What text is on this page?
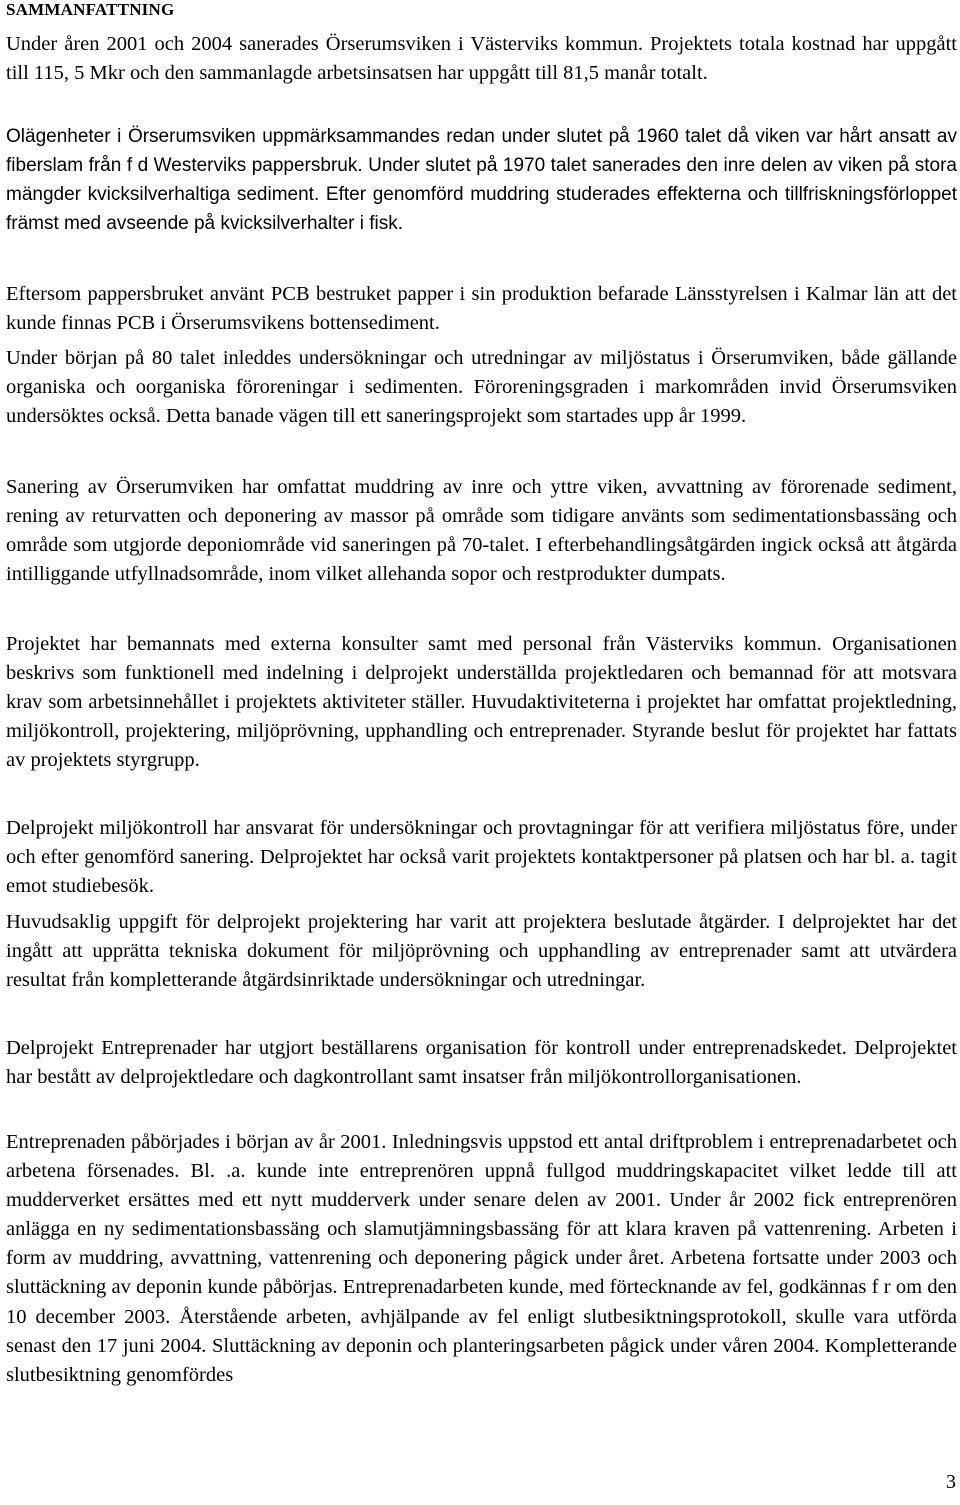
SAMMANFATTNING

Under åren 2001 och 2004 sanerades Örserumsviken i Västerviks kommun. Projektets totala kostnad har uppgått till 115, 5 Mkr och den sammanlagde arbetsinsatsen har uppgått till 81,5 manår totalt.

Olägenheter i Örserumsviken uppmärksammandes redan under slutet på 1960 talet då viken var hårt ansatt av fiberslam från f d Westerviks pappersbruk. Under slutet på 1970 talet sanerades den inre delen av viken på stora mängder kvicksilverhaltiga sediment. Efter genomförd muddring studerades effekterna och tillfriskningsförloppet främst med avseende på kvicksilverhalter i fisk.

Eftersom pappersbruket använt PCB bestruket papper i sin produktion befarade Länsstyrelsen i Kalmar län att det kunde finnas PCB i Örserumsvikens bottensediment.

Under början på 80 talet inleddes undersökningar och utredningar av miljöstatus i Örserumviken, både gällande organiska och oorganiska föroreningar i sedimenten. Föroreningsgraden i markområden invid Örserumsviken undersöktes också. Detta banade vägen till ett saneringsprojekt som startades upp år 1999.

Sanering av Örserumviken har omfattat muddring av inre och yttre viken, avvattning av förorenade sediment, rening av returvatten och deponering av massor på område som tidigare använts som sedimentationsbassäng och område som utgjorde deponiområde vid saneringen på 70-talet. I efterbehandlingsåtgärden ingick också att åtgärda intilliggande utfyllnadsområde, inom vilket allehanda sopor och restprodukter dumpats.

Projektet har bemannats med externa konsulter samt med personal från Västerviks kommun. Organisationen beskrivs som funktionell med indelning i delprojekt underställda projektledaren och bemannad för att motsvara krav som arbetsinnehållet i projektets aktiviteter ställer. Huvudaktiviteterna i projektet har omfattat projektledning, miljökontroll, projektering, miljöprövning, upphandling och entreprenader. Styrande beslut för projektet har fattats av projektets styrgrupp.

Delprojekt miljökontroll har ansvarat för undersökningar och provtagningar för att verifiera miljöstatus före, under och efter genomförd sanering. Delprojektet har också varit projektets kontaktpersoner på platsen och har bl. a. tagit emot studiebesök.

Huvudsaklig uppgift för delprojekt projektering har varit att projektera beslutade åtgärder. I delprojektet har det ingått att upprätta tekniska dokument för miljöprövning och upphandling av entreprenader samt att utvärdera resultat från kompletterande åtgärdsinriktade undersökningar och utredningar.

Delprojekt Entreprenader har utgjort beställarens organisation för kontroll under entreprenadskedet. Delprojektet har bestått av delprojektledare och dagkontrollant samt insatser från miljökontrollorganisationen.

Entreprenaden påbörjades i början av år 2001. Inledningsvis uppstod ett antal driftproblem i entreprenadarbetet och arbetena försenades. Bl. .a. kunde inte entreprenören uppnå fullgod muddringskapacitet vilket ledde till att mudderverket ersättes med ett nytt mudderverk under senare delen av 2001. Under år 2002 fick entreprenören anlägga en ny sedimentationsbassäng och slamutjämningsbassäng för att klara kraven på vattenrening. Arbeten i form av muddring, avvattning, vattenrening och deponering pågick under året. Arbetena fortsatte under 2003 och sluttäckning av deponin kunde påbörjas. Entreprenadarbeten kunde, med förtecknande av fel, godkännas f r om den 10 december 2003. Återstående arbeten, avhjälpande av fel enligt slutbesiktningsprotokoll, skulle vara utförda senast den 17 juni 2004. Sluttäckning av deponin och planteringsarbeten pågick under våren 2004. Kompletterande slutbesiktning genomfördes

3
